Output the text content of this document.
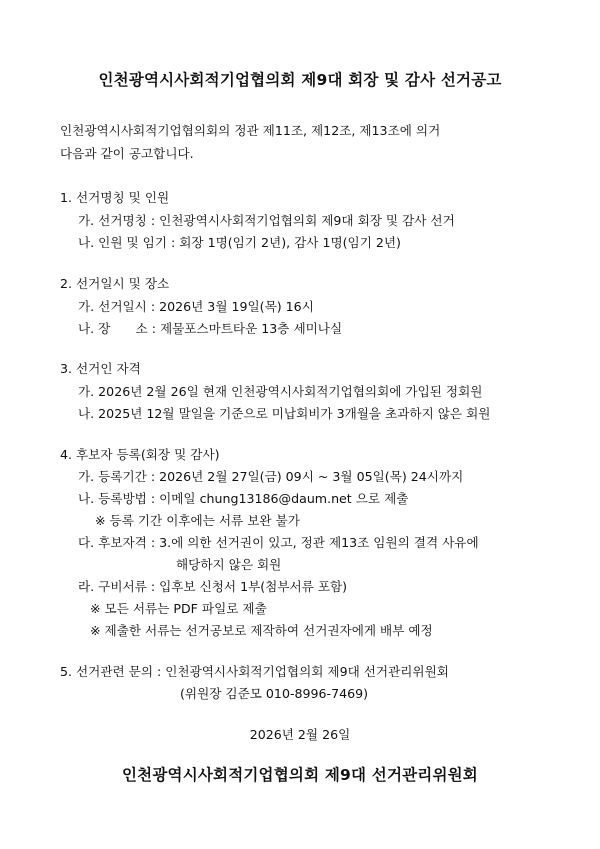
인천광역시사회적기업협의회 제9대 회장 및 감사 선거공고
인천광역시사회적기업협의회의 정관 제11조, 제12조, 제13조에 의거
다음과 같이 공고합니다.
1. 선거명칭 및 인원
가. 선거명칭 : 인천광역시사회적기업협의회 제9대 회장 및 감사 선거
나. 인원 및 임기 : 회장 1명(임기 2년), 감사 1명(임기 2년)
2. 선거일시 및 장소
가. 선거일시 : 2026년 3월 19일(목) 16시
나. 장　　소 : 제물포스마트타운 13층 세미나실
3. 선거인 자격
가. 2026년 2월 26일 현재 인천광역시사회적기업협의회에 가입된 정회원
나. 2025년 12월 말일을 기준으로 미납회비가 3개월을 초과하지 않은 회원
4. 후보자 등록(회장 및 감사)
가. 등록기간 : 2026년 2월 27일(금) 09시 ~ 3월 05일(목) 24시까지
나. 등록방법 : 이메일 chung13186@daum.net 으로 제출
※ 등록 기간 이후에는 서류 보완 불가
다. 후보자격 : 3.에 의한 선거권이 있고, 정관 제13조 임원의 결격 사유에
해당하지 않은 회원
라. 구비서류 : 입후보 신청서 1부(첨부서류 포함)
※ 모든 서류는 PDF 파일로 제출
※ 제출한 서류는 선거공보로 제작하여 선거권자에게 배부 예정
5. 선거관련 문의 : 인천광역시사회적기업협의회 제9대 선거관리위원회
(위원장 김준모 010-8996-7469)
2026년 2월 26일
인천광역시사회적기업협의회 제9대 선거관리위원회
